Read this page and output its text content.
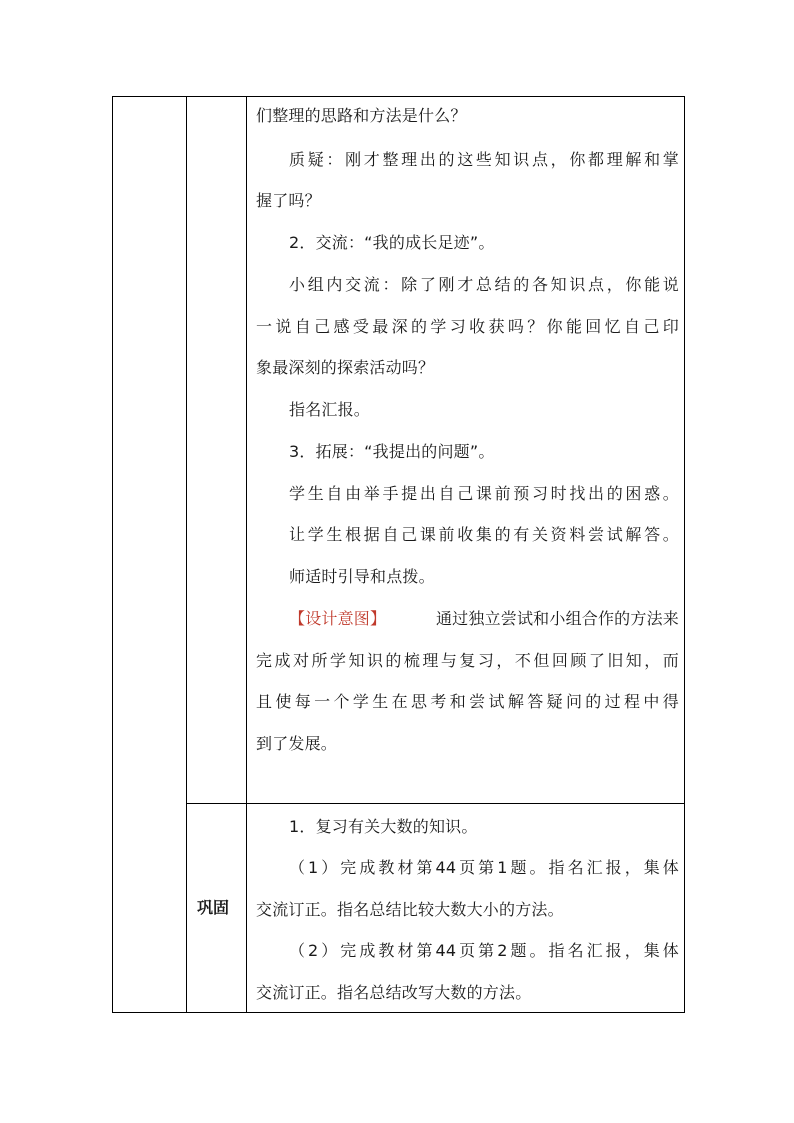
们整理的思路和方法是什么？
质疑：刚才整理出的这些知识点，你都理解和掌
握了吗？
2．交流：“我的成长足迹”。
小组内交流：除了刚才总结的各知识点，你能说
一说自己感受最深的学习收获吗？你能回忆自己印
象最深刻的探索活动吗？
指名汇报。
3．拓展：“我提出的问题”。
学生自由举手提出自己课前预习时找出的困惑。
让学生根据自己课前收集的有关资料尝试解答。
师适时引导和点拨。
【设计意图】	通过独立尝试和小组合作的方法来
完成对所学知识的梳理与复习，不但回顾了旧知，而
且使每一个学生在思考和尝试解答疑问的过程中得
到了发展。
巩固
1．复习有关大数的知识。
（1）完成教材第44页第1题。指名汇报，集体
交流订正。指名总结比较大数大小的方法。
（2）完成教材第44页第2题。指名汇报，集体
交流订正。指名总结改写大数的方法。
